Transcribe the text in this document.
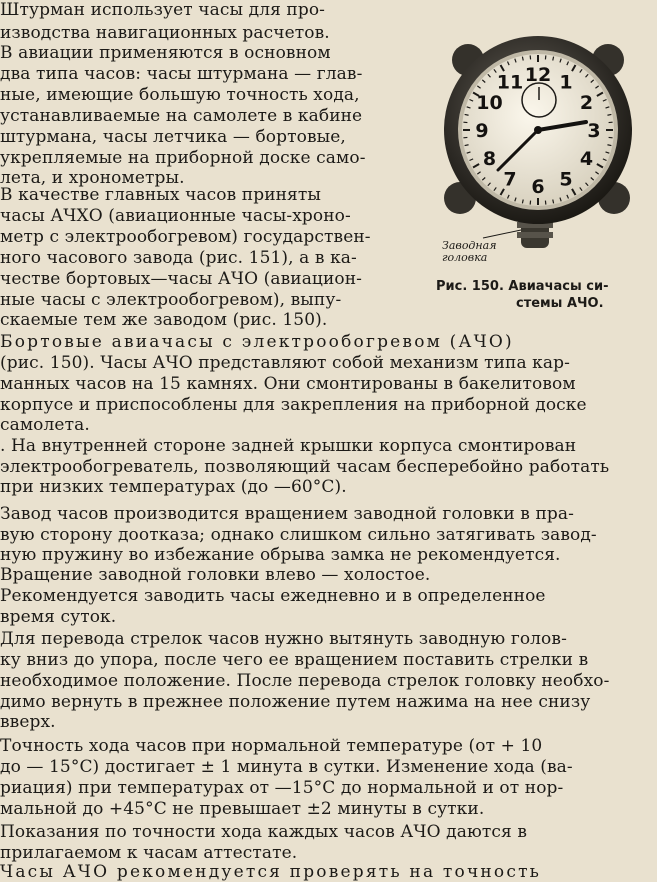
Штурман использует часы для про-
изводства навигационных расчетов.
В авиации применяются в основном
два типа часов: часы штурмана — глав-
ные, имеющие большую точность хода,
устанавливаемые на самолете в кабине
штурмана, часы летчика — бортовые,
укрепляемые на приборной доске само-
лета, и хронометры.
В качестве главных часов приняты
часы АЧХО (авиационные часы-хроно-
метр с электрообогревом) государствен-
ного часового завода (рис. 151), а в ка-
честве бортовых—часы АЧО (авиацион-
ные часы с электрообогревом), выпу-
скаемые тем же заводом (рис. 150).
12 1
2
3
4
5
6
7
8
9
10
11
Заводная
головка
Рис. 150. Авиачасы си-
стемы АЧО.
Бортовые авиачасы с электрообогревом (АЧО)
(рис. 150). Часы АЧО представляют собой механизм типа кар-
манных часов на 15 камнях. Они смонтированы в бакелитовом
корпусе и приспособлены для закрепления на приборной доске
самолета.
. На внутренней стороне задней крышки корпуса смонтирован
электрообогреватель, позволяющий часам бесперебойно работать
при низких температурах (до —60°С).
Завод часов производится вращением заводной головки в пра-
вую сторону доотказа; однако слишком сильно затягивать завод-
ную пружину во избежание обрыва замка не рекомендуется.
Вращение заводной головки влево — холостое.
Рекомендуется заводить часы ежедневно и в определенное
время суток.
Для перевода стрелок часов нужно вытянуть заводную голов-
ку вниз до упора, после чего ее вращением поставить стрелки в
необходимое положение. После перевода стрелок головку необхо-
димо вернуть в прежнее положение путем нажима на нее снизу
вверх.
Точность хода часов при нормальной температуре (от + 10
до — 15°С) достигает ± 1 минута в сутки. Изменение хода (ва-
риация) при температурах от —15°С до нормальной и от нор-
мальной до +45°С не превышает ±2 минуты в сутки.
Показания по точности хода каждых часов АЧО даются в
прилагаемом к часам аттестате.
Часы АЧО рекомендуется проверять на точность
